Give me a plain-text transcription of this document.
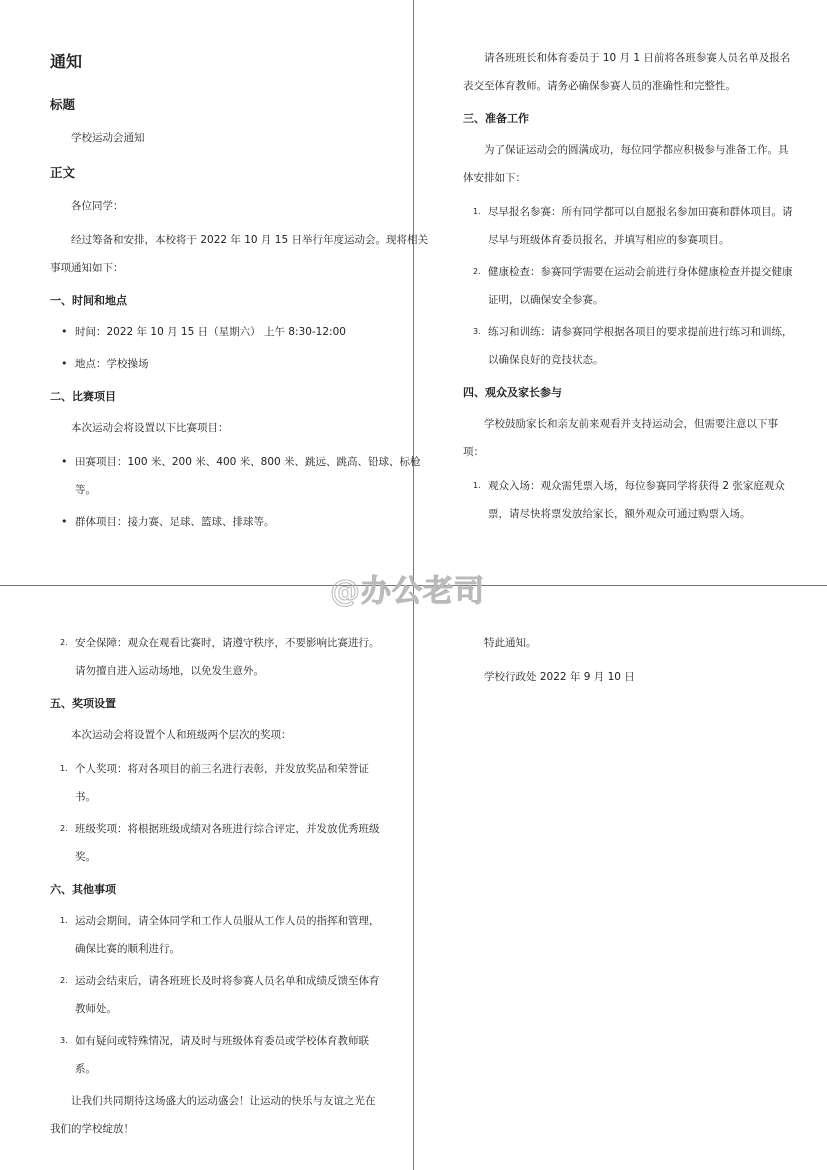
通知
标题
学校运动会通知
正文
各位同学：
经过筹备和安排，本校将于 2022 年 10 月 15 日举行年度运动会。现将相关事项通知如下：
一、时间和地点
• 时间：2022 年 10 月 15 日（星期六） 上午 8:30-12:00
• 地点：学校操场
二、比赛项目
本次运动会将设置以下比赛项目：
• 田赛项目：100 米、200 米、400 米、800 米、跳远、跳高、铅球、标枪等。
• 群体项目：接力赛、足球、篮球、排球等。
请各班班长和体育委员于 10 月 1 日前将各班参赛人员名单及报名表交至体育教师。请务必确保参赛人员的准确性和完整性。
三、准备工作
为了保证运动会的圆满成功，每位同学都应积极参与准备工作。具体安排如下：
1. 尽早报名参赛：所有同学都可以自愿报名参加田赛和群体项目。请尽早与班级体育委员报名，并填写相应的参赛项目。
2. 健康检查：参赛同学需要在运动会前进行身体健康检查并提交健康证明，以确保安全参赛。
3. 练习和训练：请参赛同学根据各项目的要求提前进行练习和训练，以确保良好的竞技状态。
四、观众及家长参与
学校鼓励家长和亲友前来观看并支持运动会，但需要注意以下事项：
1. 观众入场：观众需凭票入场，每位参赛同学将获得 2 张家庭观众票，请尽快将票发放给家长，额外观众可通过购票入场。
@办公老司
2. 安全保障：观众在观看比赛时，请遵守秩序，不要影响比赛进行。请勿擅自进入运动场地，以免发生意外。
五、奖项设置
本次运动会将设置个人和班级两个层次的奖项：
1. 个人奖项：将对各项目的前三名进行表彰，并发放奖品和荣誉证书。
2. 班级奖项：将根据班级成绩对各班进行综合评定，并发放优秀班级奖。
六、其他事项
1. 运动会期间，请全体同学和工作人员服从工作人员的指挥和管理，确保比赛的顺利进行。
2. 运动会结束后，请各班班长及时将参赛人员名单和成绩反馈至体育教师处。
3. 如有疑问或特殊情况，请及时与班级体育委员或学校体育教师联系。
让我们共同期待这场盛大的运动盛会！让运动的快乐与友谊之光在我们的学校绽放！
特此通知。
学校行政处 2022 年 9 月 10 日
